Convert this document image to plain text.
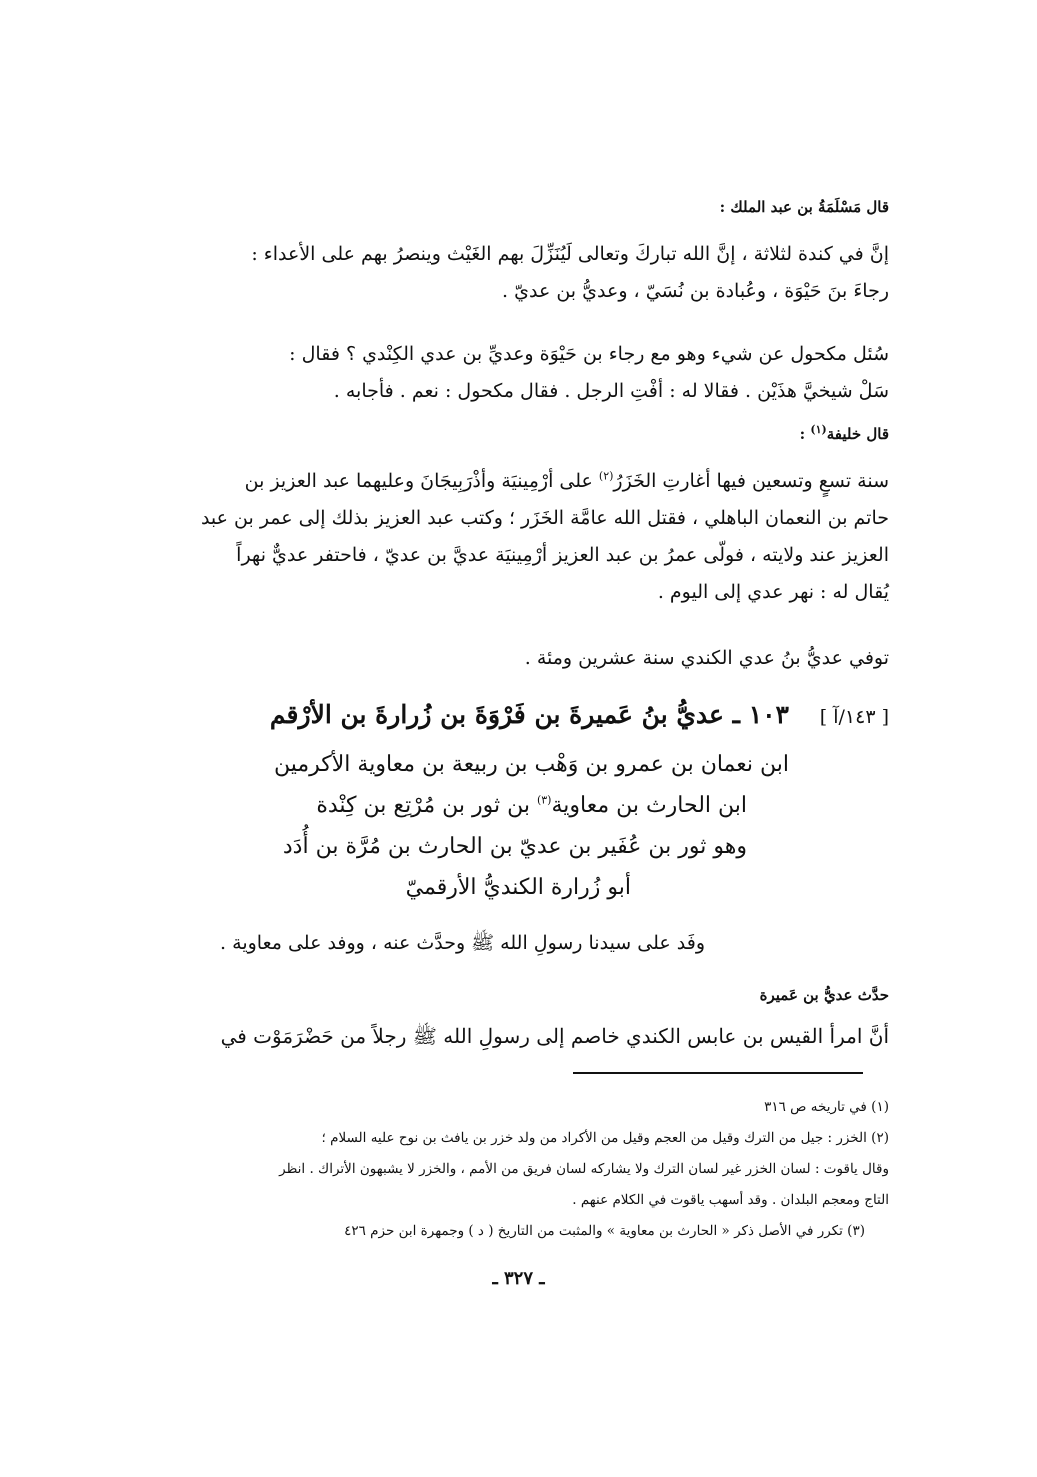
قال مَسْلَمَةُ بن عبد الملك :

إنَّ في كندة لثلاثة ، إنَّ الله تباركَ وتعالى لَيُنَزِّلَ بهم الغَيْث وينصرُ بهم على الأعداء :

رجاءَ بنَ حَيْوَة ، وعُبادة بن نُسَيّ ، وعديُّ بن عديّ .

سُئل مكحول عن شيء وهو مع رجاء بن حَيْوَة وعديِّ بن عدي الكِنْدي ؟ فقال :

سَلْ شيخيَّ هذَيْن . فقالا له : أفْتِ الرجل . فقال مكحول : نعم . فأجابه .

قال خليفة$^{(١)}$ :

سنة تسعٍ وتسعين فيها أغارتِ الخَزَرُ$^{(٢)}$ على أرْمِينيَة وأذْرَبِيجَانَ وعليهما عبد العزيز بن

حاتم بن النعمان الباهلي ، فقتل الله عامَّة الخَزَر ؛ وكتب عبد العزيز بذلك إلى عمر بن عبد

العزيز عند ولايته ، فولّى عمرُ بن عبد العزيز أرْمِينيَة عديَّ بن عديّ ، فاحتفر عديٌّ نهراً

يُقال له : نهر عدي إلى اليوم .

توفي عديُّ بنُ عدي الكندي سنة عشرين ومئة .
[ ١٤٣/آ ]
١٠٣ ـ عديُّ بنُ عَميرةَ بن فَرْوَةَ بن زُرارةَ بن الأرْقم
ابن نعمان بن عمرو بن وَهْب بن ربيعة بن معاوية الأكرمين
ابن الحارث بن معاوية$^{(٣)}$ بن ثور بن مُرْتِع بن كِنْدة
وهو ثور بن عُفَير بن عديّ بن الحارث بن مُرَّة بن أُدَد
أبو زُرارة الكنديُّ الأرقميّ
وفَد على سيدنا رسولِ الله ﷺ وحدَّث عنه ، ووفد على معاوية .
حدَّث عديُّ بن عَميرة
أنَّ امرأ القيس بن عابس الكندي خاصم إلى رسولِ الله ﷺ رجلاً من حَضْرَمَوْت في
(١) في تاريخه ص ٣١٦
(٢) الخزر : جيل من الترك وقيل من العجم وقيل من الأكراد من ولد خزر بن يافث بن نوح عليه السلام ؛
وقال ياقوت : لسان الخزر غير لسان الترك ولا يشاركه لسان فريق من الأمم ، والخزر لا يشبهون الأتراك . انظر
التاج ومعجم البلدان . وقد أسهب ياقوت في الكلام عنهم .
(٣) تكرر في الأصل ذكر « الحارث بن معاوية » والمثبت من التاريخ ( د ) وجمهرة ابن حزم ٤٢٦
ـ ٣٢٧ ـ
